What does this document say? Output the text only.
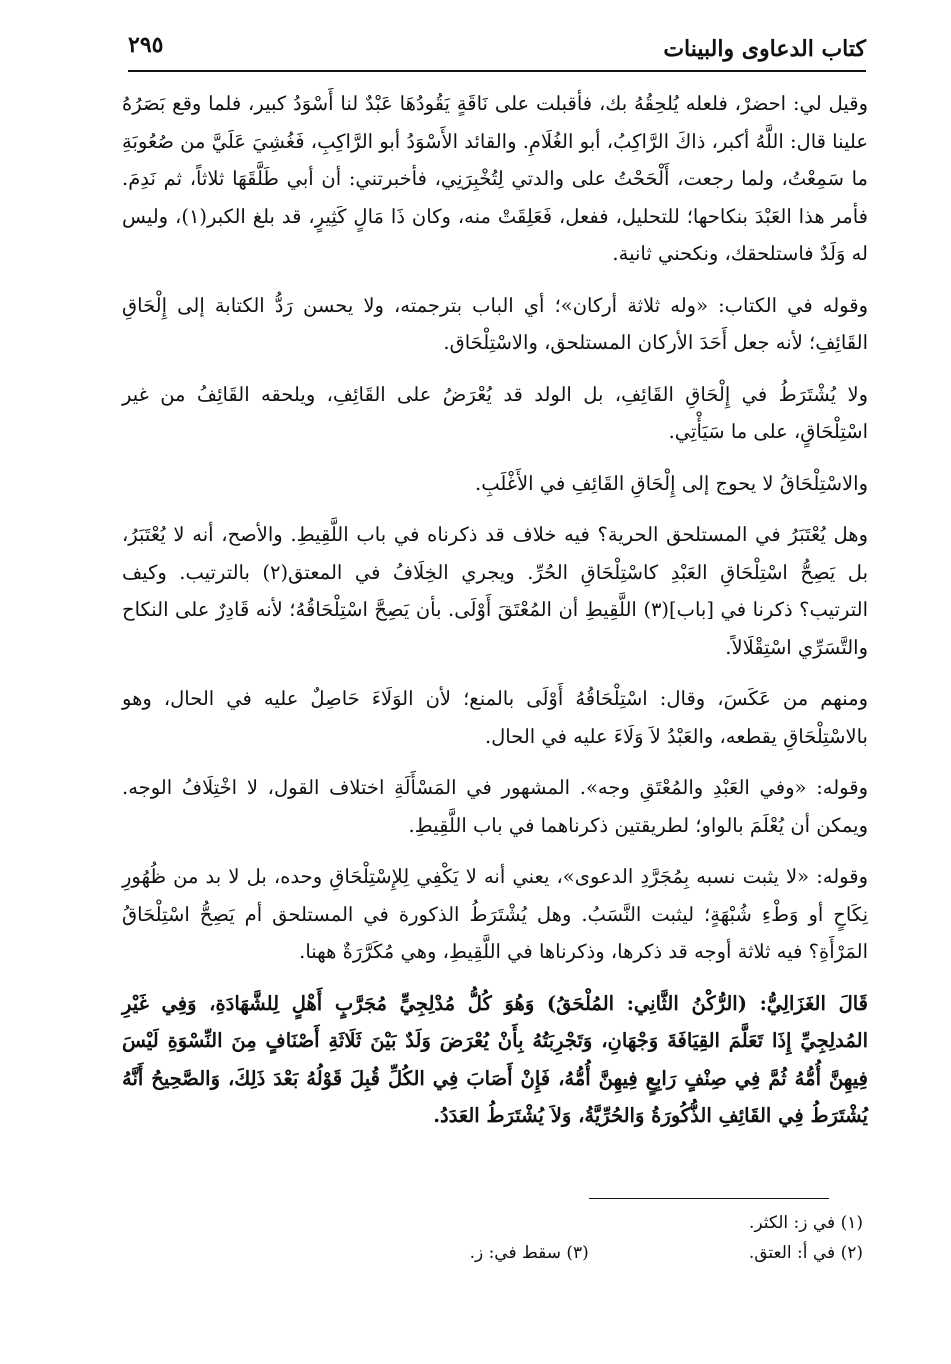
كتاب الدعاوى والبينات
٢٩٥

وقيل لي: احضرْ، فلعله يُلحِقُهُ بك، فأقبلت على نَاقَةٍ يَقُودُهَا عَبْدٌ لنا أَسْوَدُ كبير، فلما وقع بَصَرُهُ علينا قال: اللَّهُ أكبر، ذاكَ الرَّاكِبُ، أبو الغُلَامِ. والقائد الأَسْوَدُ أبو الرَّاكِبِ، فَغُشِيَ عَلَيَّ من صُعُوبَةِ ما سَمِعْتُ، ولما رجعت، أَلْحَحْتُ على والدتي لِتُخْبِرَنِي، فأخبرتني: أن أبي طَلَّقَهَا ثلاثاً، ثم نَدِمَ. فأمر هذا العَبْدَ بنكاحها؛ للتحليل، ففعل، فَعَلِقَتْ منه، وكان ذَا مَالٍ كَثِيرٍ، قد بلغ الكبر(١)، وليس له وَلَدٌ فاستلحقك، ونكحني ثانية.

وقوله في الكتاب: «وله ثلاثة أركان»؛ أي الباب بترجمته، ولا يحسن رَدُّ الكتابة إلى إِلْحَاقِ القَائِفِ؛ لأنه جعل أَحَدَ الأركان المستلحق، والاسْتِلْحَاق.

ولا يُشْتَرَطُ في إِلْحَاقِ القَائِفِ، بل الولد قد يُعْرَضُ على القَائِفِ، ويلحقه القَائِفُ من غير اسْتِلْحَاقٍ، على ما سَيَأْتِي.

والاسْتِلْحَاقُ لا يحوج إلى إِلْحَاقِ القَائِفِ في الأَغْلَبِ.

وهل يُعْتَبَرُ في المستلحق الحرية؟ فيه خلاف قد ذكرناه في باب اللَّقِيطِ. والأصح، أنه لا يُعْتَبَرُ، بل يَصِحُّ اسْتِلْحَاقِ العَبْدِ كاسْتِلْحَاقِ الحُرِّ. ويجري الخِلَافُ في المعتق(٢) بالترتيب. وكيف الترتيب؟ ذكرنا في [باب](٣) اللَّقِيطِ أن المُعْتَقَ أَوْلَى. بأن يَصِحَّ اسْتِلْحَاقُهُ؛ لأنه قَادِرٌ على النكاح والتَّسَرِّي اسْتِقْلَالاً.

ومنهم من عَكَسَ، وقال: اسْتِلْحَاقُهُ أَوْلَى بالمنع؛ لأن الوَلَاءَ حَاصِلٌ عليه في الحال، وهو بالاسْتِلْحَاقِ يقطعه، والعَبْدُ لاَ وَلَاءَ عليه في الحال.

وقوله: «وفي العَبْدِ والمُعْتَقِ وجه». المشهور في المَسْأَلَةِ اختلاف القول، لا اخْتِلَافُ الوجه. ويمكن أن يُعْلَمَ بالواو؛ لطريقتين ذكرناهما في باب اللَّقِيطِ.

وقوله: «لا يثبت نسبه بِمُجَرَّدِ الدعوى»، يعني أنه لا يَكْفِي لِلإِسْتِلْحَاقِ وحده، بل لا بد من ظُهُورِ نِكَاحٍ أو وَطْءِ شُبْهَةٍ؛ ليثبت النَّسَبُ. وهل يُشْتَرَطُ الذكورة في المستلحق أم يَصِحُّ اسْتِلْحَاقُ المَرْأَةِ؟ فيه ثلاثة أوجه قد ذكرها، وذكرناها في اللَّقِيطِ، وهي مُكَرَّرَةٌ ههنا.

قَالَ الغَزَالِيُّ: (الرُّكْنُ الثَّانِي: المُلْحَقُ) وَهُوَ كُلُّ مُدْلِجِيٍّ مُجَرَّبٍ أَهْلٍ لِلشَّهَادَةِ، وَفِي غَيْرِ المُدلِجِيِّ إِذَا تَعَلَّمَ القِيَافَةَ وَجْهَانِ، وَتَجْرِبَتُهُ بِأَنْ يُعْرَضَ وَلَدٌ بَيْنَ ثَلَاثَةِ أَصْنَافٍ مِنَ النِّسْوَةِ لَيْسَ فِيهِنَّ أُمُّهُ ثُمَّ فِي صِنْفٍ رَابِعٍ فِيهِنَّ أُمُّهُ، فَإِنْ أَصَابَ فِي الكُلِّ قُبِلَ قَوْلُهُ بَعْدَ ذَلِكَ، وَالصَّحِيحُ أَنَّهُ يُشْتَرَطُ فِي القَائِفِ الذُّكُورَةُ وَالحُرِّيَّةُ، وَلاَ يُشْتَرَطُ العَدَدُ.

(١) في ز: الكثر.
(٢) في أ: العتق.
(٣) سقط في: ز.
